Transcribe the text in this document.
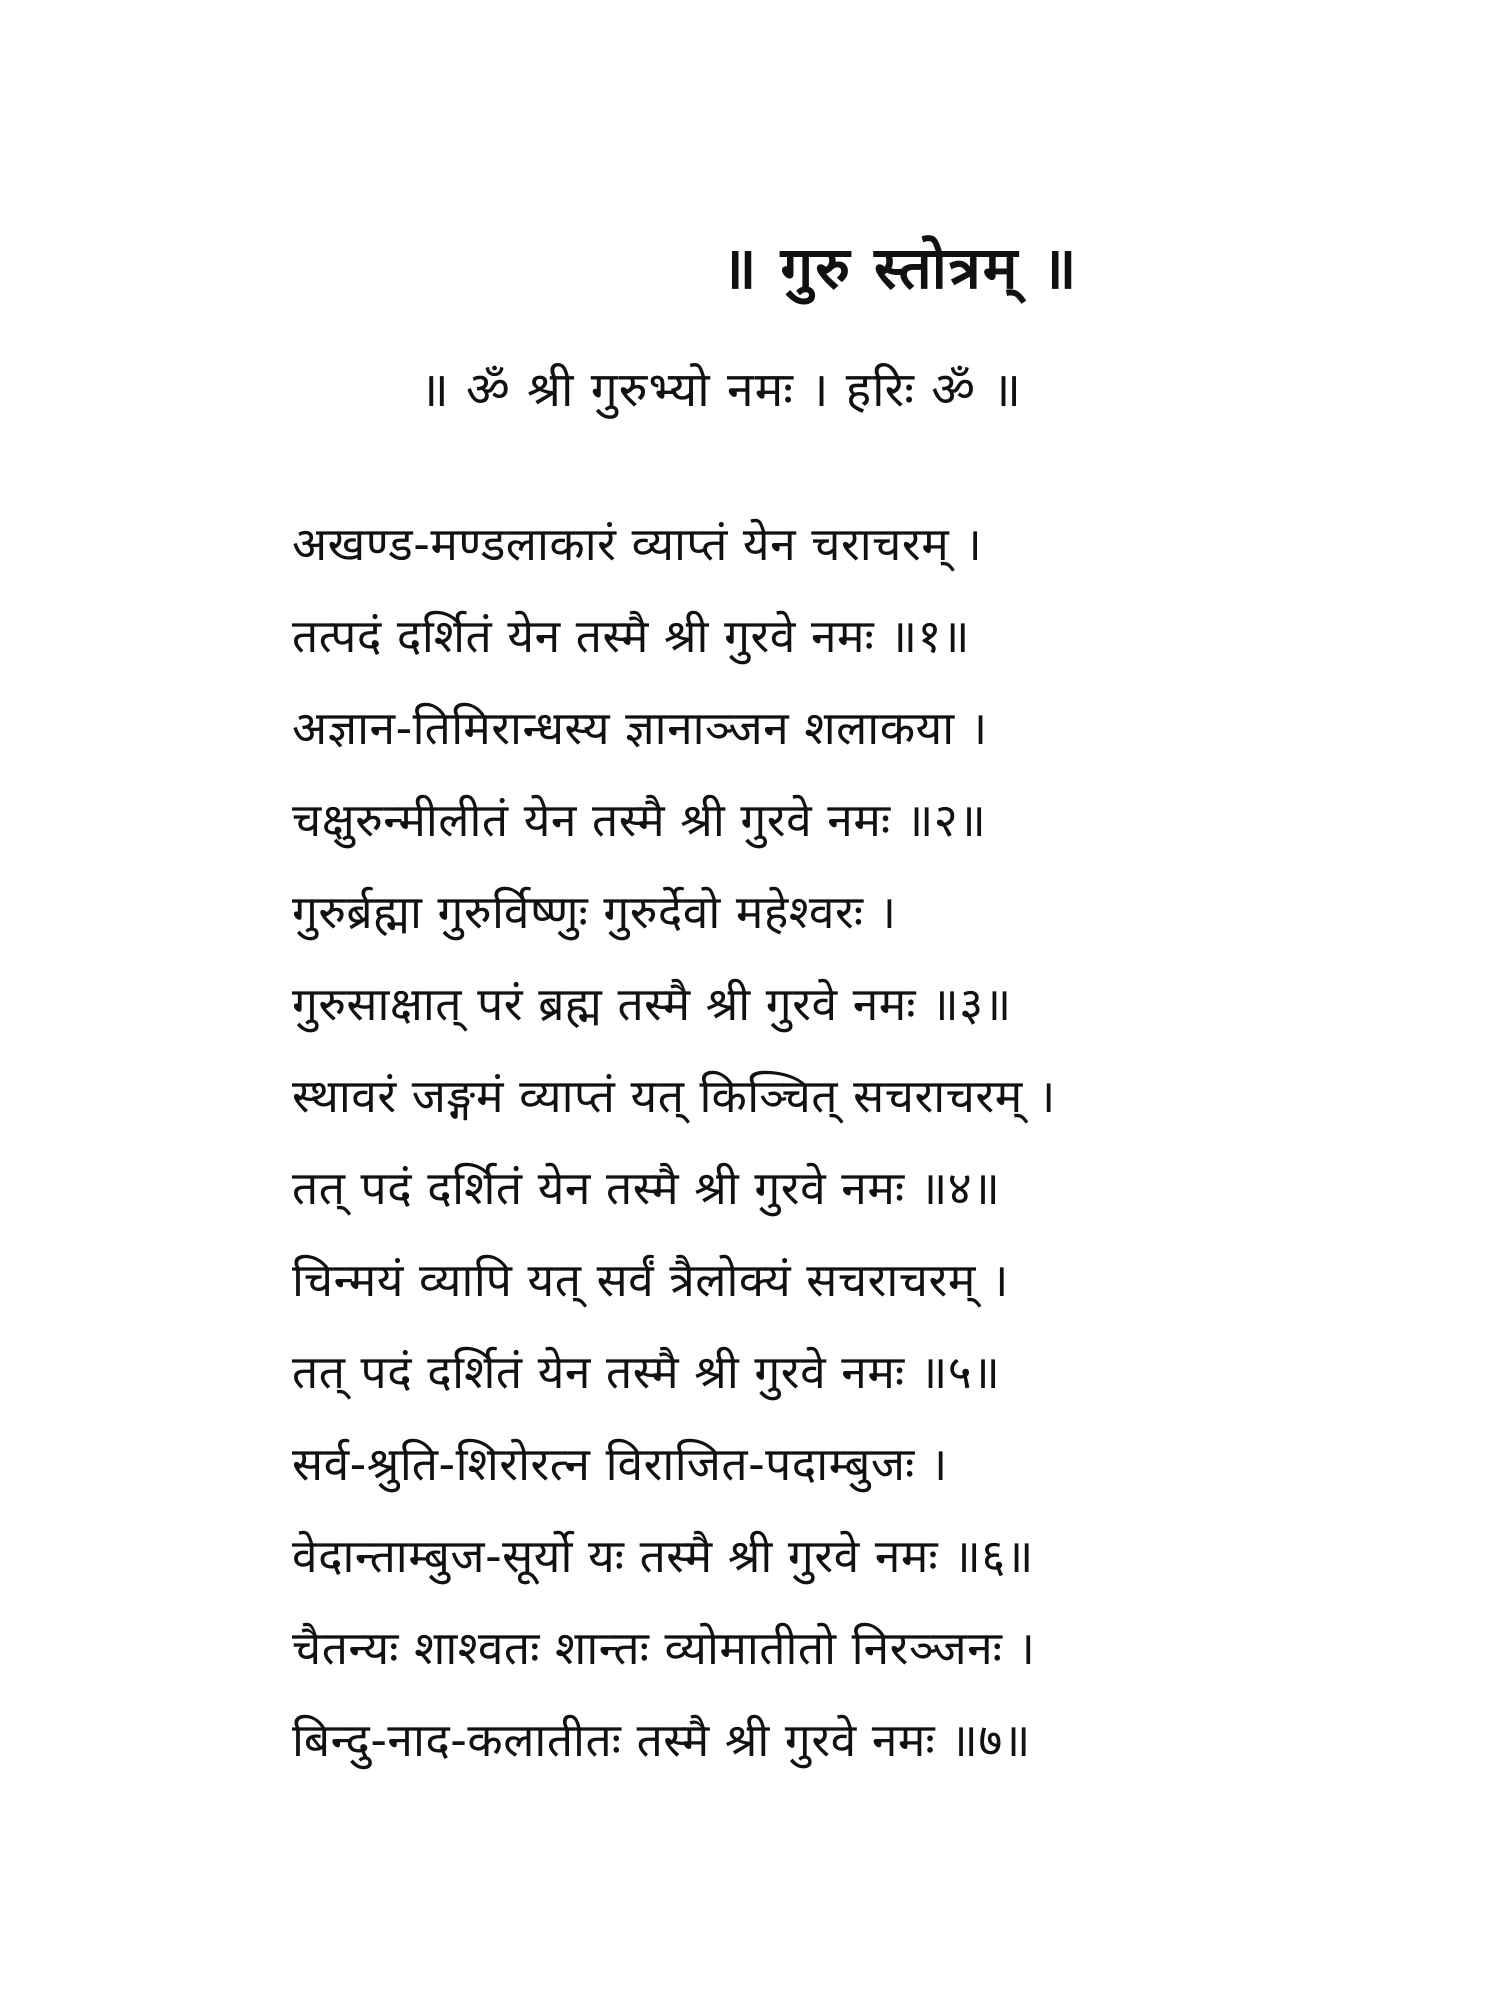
॥ गुरु स्तोत्रम् ॥
॥ ॐ श्री गुरुभ्यो नमः । हरिः ॐ ॥
अखण्ड-मण्डलाकारं व्याप्तं येन चराचरम् ।
तत्पदं दर्शितं येन तस्मै श्री गुरवे नमः ॥१॥
अज्ञान-तिमिरान्धस्य ज्ञानाञ्जन शलाकया ।
चक्षुरुन्मीलीतं येन तस्मै श्री गुरवे नमः ॥२॥
गुरुर्ब्रह्मा गुरुर्विष्णुः गुरुर्देवो महेश्वरः ।
गुरुसाक्षात् परं ब्रह्म तस्मै श्री गुरवे नमः ॥३॥
स्थावरं जङ्गमं व्याप्तं यत् किञ्चित् सचराचरम् ।
तत् पदं दर्शितं येन तस्मै श्री गुरवे नमः ॥४॥
चिन्मयं व्यापि यत् सर्वं त्रैलोक्यं सचराचरम् ।
तत् पदं दर्शितं येन तस्मै श्री गुरवे नमः ॥५॥
सर्व-श्रुति-शिरोरत्न विराजित-पदाम्बुजः ।
वेदान्ताम्बुज-सूर्यो यः तस्मै श्री गुरवे नमः ॥६॥
चैतन्यः शाश्वतः शान्तः व्योमातीतो निरञ्जनः ।
बिन्दु-नाद-कलातीतः तस्मै श्री गुरवे नमः ॥७॥
